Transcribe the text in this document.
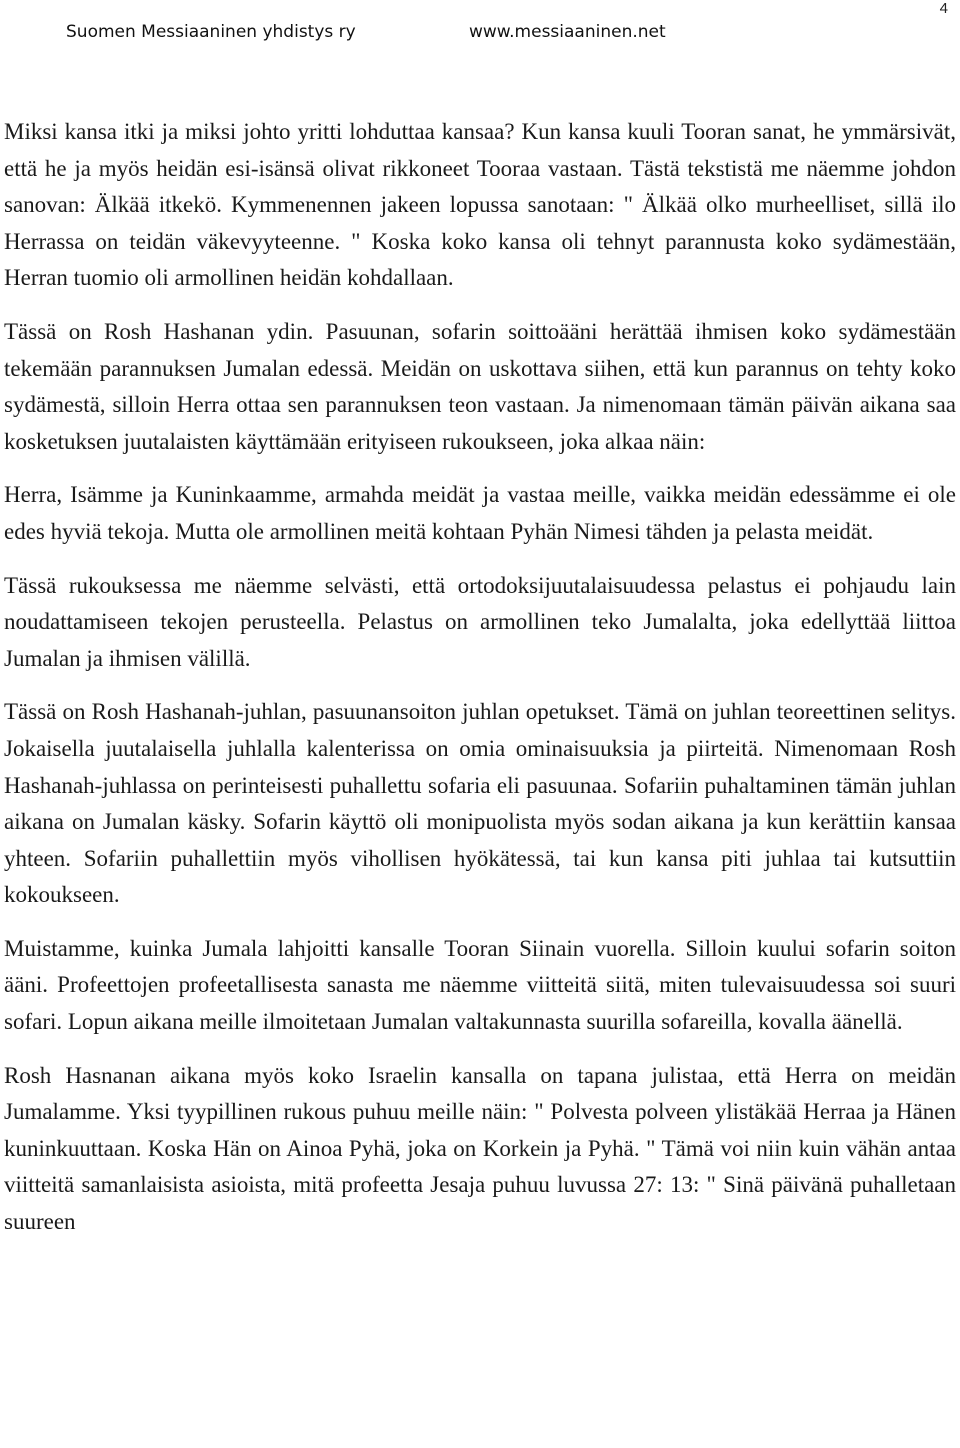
4
Suomen Messiaaninen yhdistys ry	www.messiaaninen.net

Miksi kansa itki ja miksi johto yritti lohduttaa kansaa? Kun kansa kuuli Tooran sanat, he ymmärsivät, että he ja myös heidän esi-isänsä olivat rikkoneet Tooraa vastaan. Tästä tekstistä me näemme johdon sanovan: Älkää itkekö. Kymmenennen jakeen lopussa sanotaan: " Älkää olko murheelliset, sillä ilo Herrassa on teidän väkevyyteenne. " Koska koko kansa oli tehnyt parannusta koko sydämestään, Herran tuomio oli armollinen heidän kohdallaan.

Tässä on Rosh Hashanan ydin. Pasuunan, sofarin soittoääni herättää ihmisen koko sydämestään tekemään parannuksen Jumalan edessä. Meidän on uskottava siihen, että kun parannus on tehty koko sydämestä, silloin Herra ottaa sen parannuksen teon vastaan. Ja nimenomaan tämän päivän aikana saa kosketuksen juutalaisten käyttämään erityiseen rukoukseen, joka alkaa näin:

Herra, Isämme ja Kuninkaamme, armahda meidät ja vastaa meille, vaikka meidän edessämme ei ole edes hyviä tekoja. Mutta ole armollinen meitä kohtaan Pyhän Nimesi tähden ja pelasta meidät.

Tässä rukouksessa me näemme selvästi, että ortodoksijuutalaisuudessa pelastus ei pohjaudu lain noudattamiseen tekojen perusteella. Pelastus on armollinen teko Jumalalta, joka edellyttää liittoa Jumalan ja ihmisen välillä.

Tässä on Rosh Hashanah-juhlan, pasuunansoiton juhlan opetukset. Tämä on juhlan teoreettinen selitys. Jokaisella juutalaisella juhlalla kalenterissa on omia ominaisuuksia ja piirteitä. Nimenomaan Rosh Hashanah-juhlassa on perinteisesti puhallettu sofaria eli pasuunaa. Sofariin puhaltaminen tämän juhlan aikana on Jumalan käsky. Sofarin käyttö oli monipuolista myös sodan aikana ja kun kerättiin kansaa yhteen. Sofariin puhallettiin myös vihollisen hyökätessä, tai kun kansa piti juhlaa tai kutsuttiin kokoukseen.

Muistamme, kuinka Jumala lahjoitti kansalle Tooran Siinain vuorella. Silloin kuului sofarin soiton ääni. Profeettojen profeetallisesta sanasta me näemme viitteitä siitä, miten tulevaisuudessa soi suuri sofari. Lopun aikana meille ilmoitetaan Jumalan valtakunnasta suurilla sofareilla, kovalla äänellä.

Rosh Hasnanan aikana myös koko Israelin kansalla on tapana julistaa, että Herra on meidän Jumalamme. Yksi tyypillinen rukous puhuu meille näin: " Polvesta polveen ylistäkää Herraa ja Hänen kuninkuuttaan. Koska Hän on Ainoa Pyhä, joka on Korkein ja Pyhä. " Tämä voi niin kuin vähän antaa viitteitä samanlaisista asioista, mitä profeetta Jesaja puhuu luvussa 27: 13: " Sinä päivänä puhalletaan suureen
